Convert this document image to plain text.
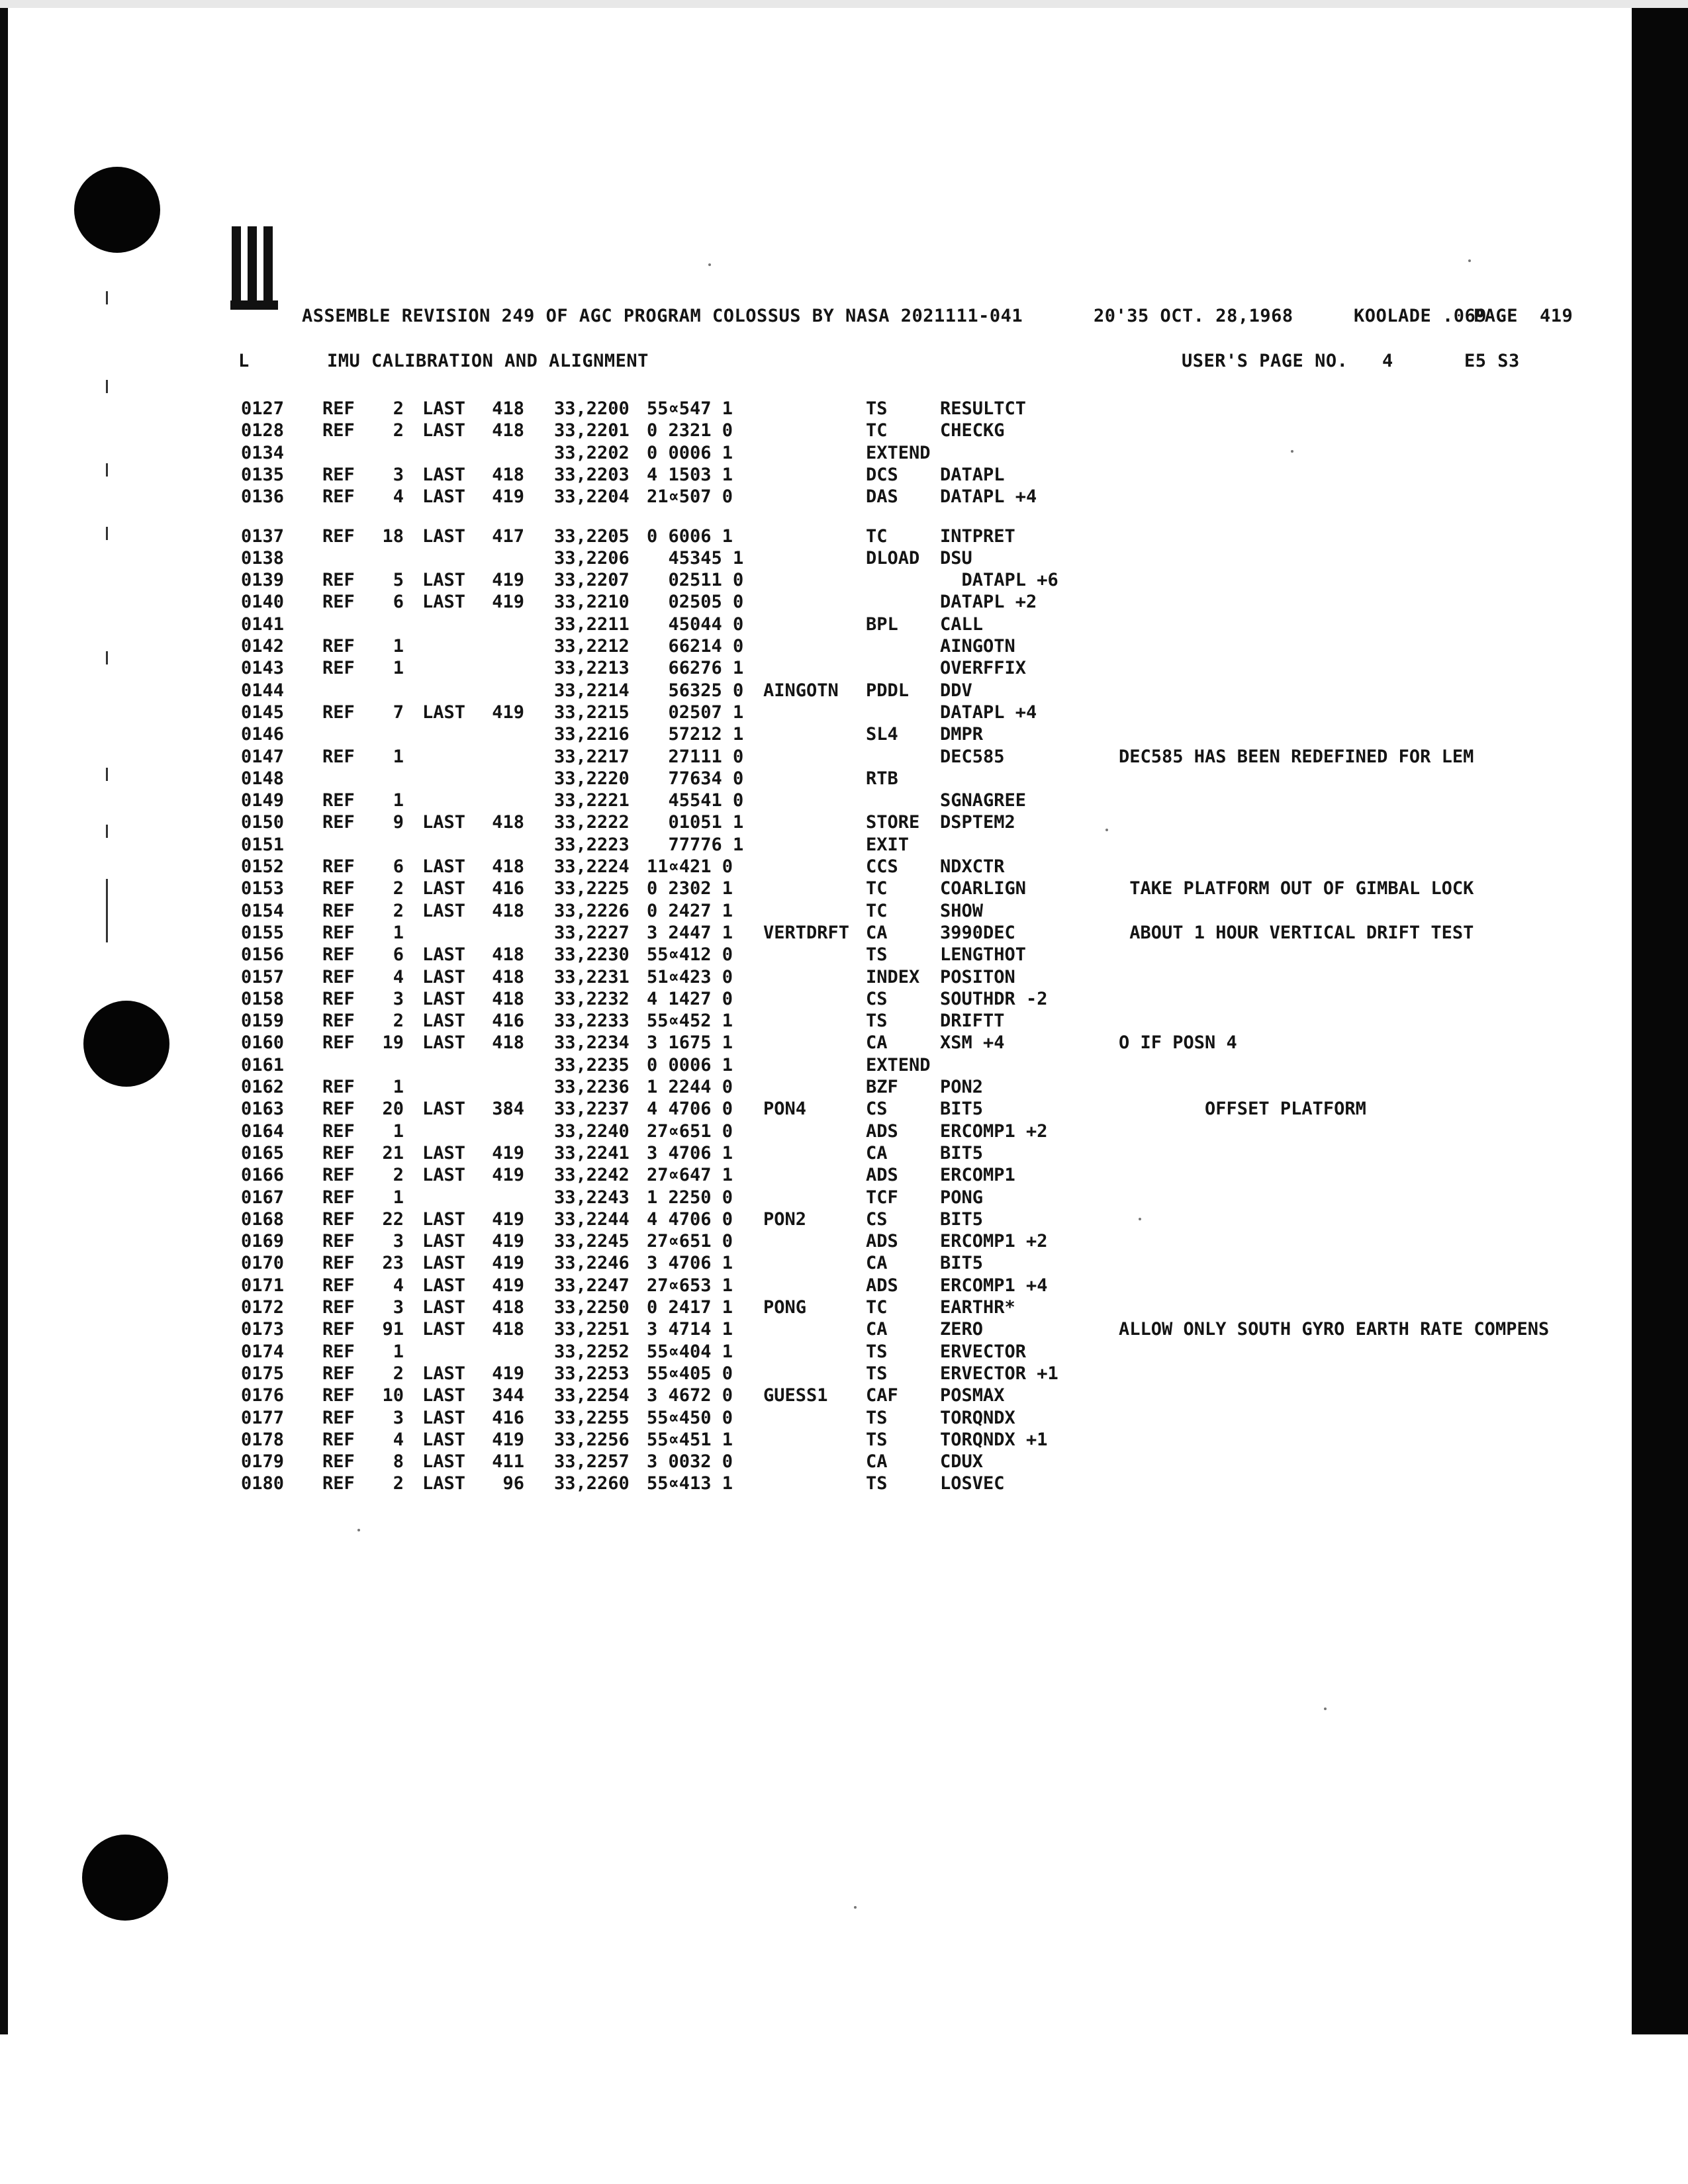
ASSEMBLE REVISION 249 OF AGC PROGRAM COLOSSUS BY NASA 2021111-041	20'35 OCT. 28,1968	KOOLADE .069
PAGE 419
L	IMU CALIBRATION AND ALIGNMENT	USER'S PAGE NO. 4	E5 S3
0127 REF	2 LAST	418 33,2200 55∝547 1	TS	RESULTCT
0128 REF	2 LAST	418 33,2201 0 2321 0	TC	CHECKG
0134	33,2202 0 0006 1	EXTEND
0135 REF	3 LAST	418 33,2203 4 1503 1	DCS DATAPL
0136 REF	4 LAST	419 33,2204 21∝507 0	DAS DATAPL +4
0137 REF	18 LAST	417 33,2205 0 6006 1	TC	INTPRET
0138	33,2206 45345 1	DLOAD DSU
0139 REF	5 LAST	419 33,2207 02511 0	DATAPL +6
0140 REF	6 LAST	419 33,2210 02505 0	DATAPL +2
0141	33,2211 45044 0	BPL CALL
0142 REF	1	33,2212 66214 0	AINGOTN
0143 REF	1	33,2213 66276 1	OVERFFIX
0144	33,2214 56325 0 AINGOTN PDDL DDV
0145 REF	7 LAST	419 33,2215 02507 1	DATAPL +4
0146	33,2216 57212 1	SL4 DMPR
0147 REF	1	33,2217 27111 0	DEC585	DEC585 HAS BEEN REDEFINED FOR LEM
0148	33,2220 77634 0	RTB
0149 REF	1	33,2221 45541 0	SGNAGREE
0150 REF	9 LAST	418 33,2222 01051 1	STORE DSPTEM2
0151	33,2223 77776 1	EXIT
0152 REF	6 LAST	418 33,2224 11∝421 0	CCS NDXCTR
0153 REF	2 LAST	416 33,2225 0 2302 1	TC	COARLIGN	TAKE PLATFORM OUT OF GIMBAL LOCK
0154 REF	2 LAST	418 33,2226 0 2427 1	TC	SHOW
0155 REF	1	33,2227 3 2447 1 VERTDRFT CA	3990DEC	ABOUT 1 HOUR VERTICAL DRIFT TEST
0156 REF	6 LAST	418 33,2230 55∝412 0	TS	LENGTHOT
0157 REF	4 LAST	418 33,2231 51∝423 0	INDEX POSITON
0158 REF	3 LAST	418 33,2232 4 1427 0	CS	SOUTHDR -2
0159 REF	2 LAST	416 33,2233 55∝452 1	TS	DRIFTT
0160 REF	19 LAST	418 33,2234 3 1675 1	CA	XSM +4	O IF POSN 4
0161	33,2235 0 0006 1	EXTEND
0162 REF	1	33,2236 1 2244 0	BZF PON2
0163 REF	20 LAST	384 33,2237 4 4706 0 PON4	CS	BIT5	OFFSET PLATFORM
0164 REF	1	33,2240 27∝651 0	ADS ERCOMP1 +2
0165 REF	21 LAST	419 33,2241 3 4706 1	CA	BIT5
0166 REF	2 LAST	419 33,2242 27∝647 1	ADS ERCOMP1
0167 REF	1	33,2243 1 2250 0	TCF PONG
0168 REF	22 LAST	419 33,2244 4 4706 0 PON2	CS	BIT5
0169 REF	3 LAST	419 33,2245 27∝651 0	ADS ERCOMP1 +2
0170 REF	23 LAST	419 33,2246 3 4706 1	CA	BIT5
0171 REF	4 LAST	419 33,2247 27∝653 1	ADS ERCOMP1 +4
0172 REF	3 LAST	418 33,2250 0 2417 1 PONG	TC	EARTHR*
0173 REF	91 LAST	418 33,2251 3 4714 1	CA	ZERO	ALLOW ONLY SOUTH GYRO EARTH RATE COMPENS
0174 REF	1	33,2252 55∝404 1	TS	ERVECTOR
0175 REF	2 LAST	419 33,2253 55∝405 0	TS	ERVECTOR +1
0176 REF	10 LAST	344 33,2254 3 4672 0 GUESS1 CAF POSMAX
0177 REF	3 LAST	416 33,2255 55∝450 0	TS	TORQNDX
0178 REF	4 LAST	419 33,2256 55∝451 1	TS	TORQNDX +1
0179 REF	8 LAST	411 33,2257 3 0032 0	CA	CDUX
0180 REF	2 LAST	96 33,2260 55∝413 1	TS	LOSVEC
